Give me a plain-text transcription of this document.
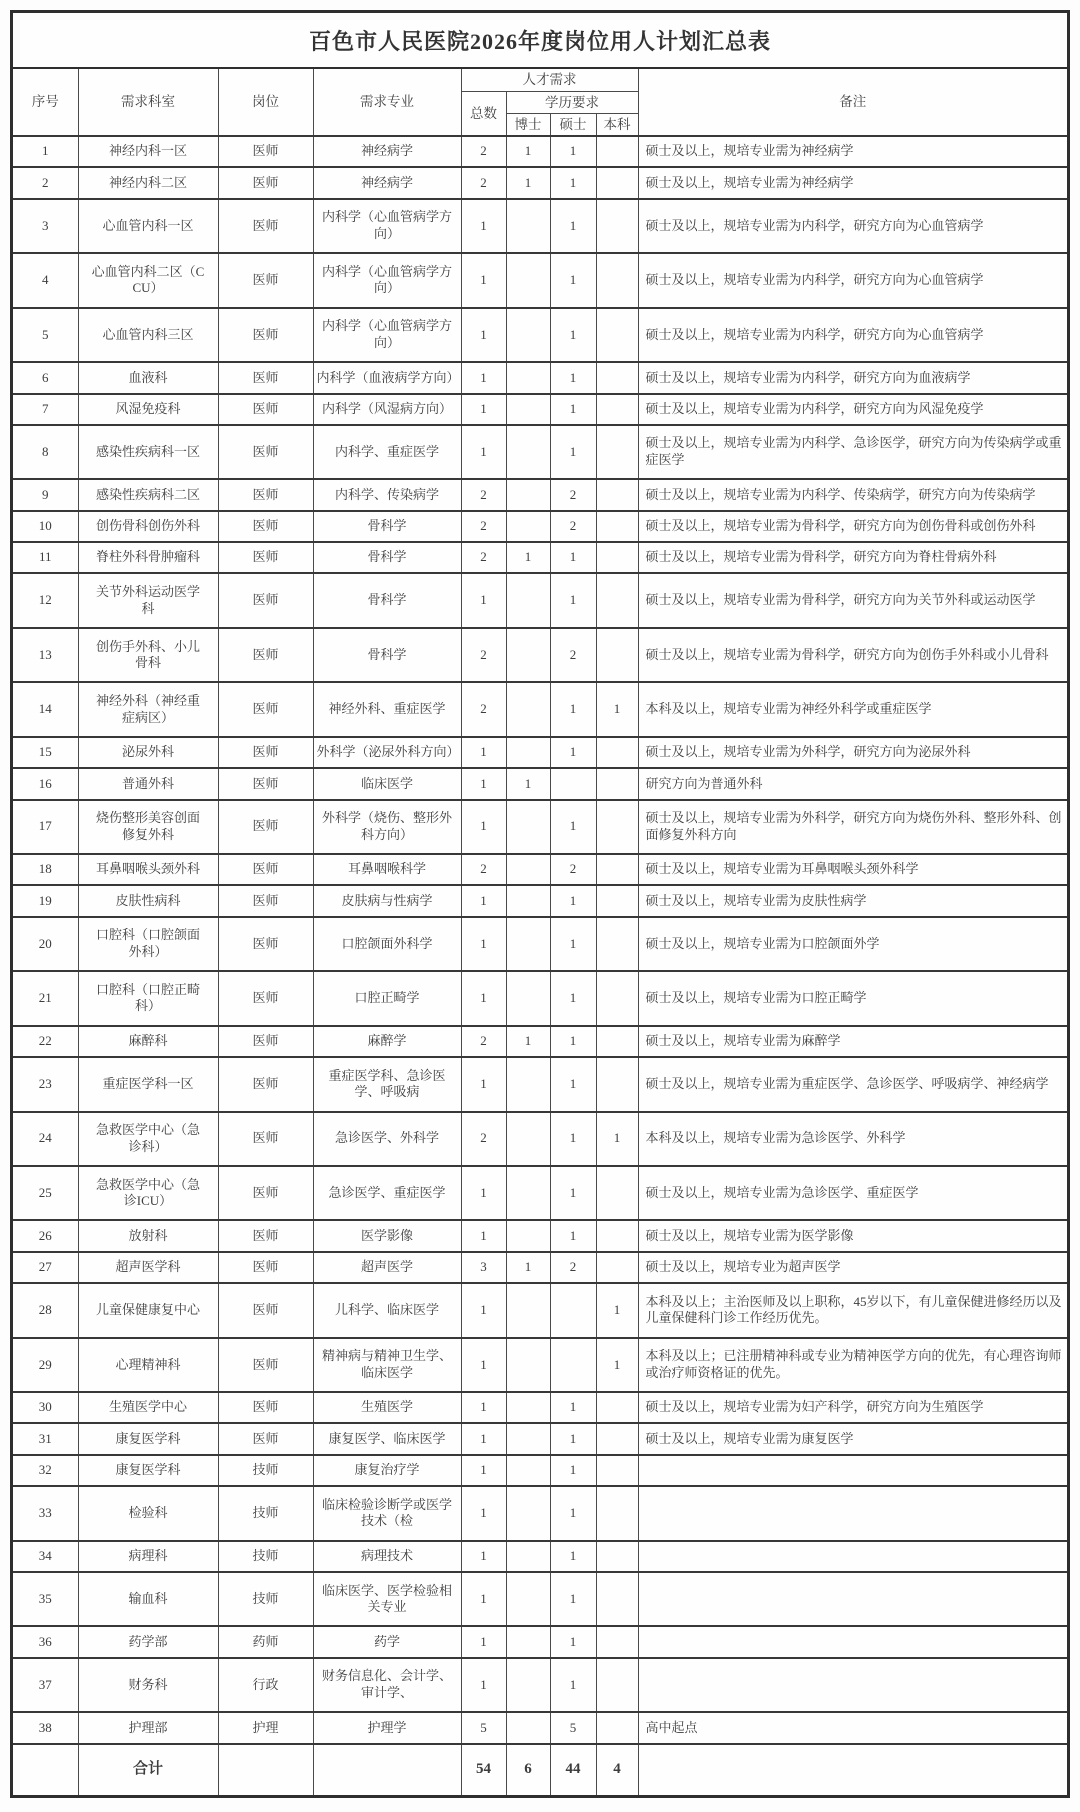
百色市人民医院2026年度岗位用人计划汇总表
序号	需求科室	岗位	需求专业	人才需求				备注
				总数	学历要求			
					博士	硕士	本科	
1	神经内科一区	医师	神经病学	2	1	1		硕士及以上，规培专业需为神经病学
2	神经内科二区	医师	神经病学	2	1	1		硕士及以上，规培专业需为神经病学
3	心血管内科一区	医师	内科学（心血管病学方向）	1		1		硕士及以上，规培专业需为内科学，研究方向为心血管病学
4	心血管内科二区（CCU）	医师	内科学（心血管病学方向）	1		1		硕士及以上，规培专业需为内科学，研究方向为心血管病学
5	心血管内科三区	医师	内科学（心血管病学方向）	1		1		硕士及以上，规培专业需为内科学，研究方向为心血管病学
6	血液科	医师	内科学（血液病学方向）	1		1		硕士及以上，规培专业需为内科学，研究方向为血液病学
7	风湿免疫科	医师	内科学（风湿病方向）	1		1		硕士及以上，规培专业需为内科学，研究方向为风湿免疫学
8	感染性疾病科一区	医师	内科学、重症医学	1		1		硕士及以上，规培专业需为内科学、急诊医学，研究方向为传染病学或重症医学
9	感染性疾病科二区	医师	内科学、传染病学	2		2		硕士及以上，规培专业需为内科学、传染病学，研究方向为传染病学
10	创伤骨科创伤外科	医师	骨科学	2		2		硕士及以上，规培专业需为骨科学，研究方向为创伤骨科或创伤外科
11	脊柱外科骨肿瘤科	医师	骨科学	2	1	1		硕士及以上，规培专业需为骨科学，研究方向为脊柱骨病外科
12	关节外科运动医学科	医师	骨科学	1		1		硕士及以上，规培专业需为骨科学，研究方向为关节外科或运动医学
13	创伤手外科、小儿骨科	医师	骨科学	2		2		硕士及以上，规培专业需为骨科学，研究方向为创伤手外科或小儿骨科
14	神经外科（神经重症病区）	医师	神经外科、重症医学	2		1	1	本科及以上，规培专业需为神经外科学或重症医学
15	泌尿外科	医师	外科学（泌尿外科方向）	1		1		硕士及以上，规培专业需为外科学，研究方向为泌尿外科
16	普通外科	医师	临床医学	1	1			研究方向为普通外科
17	烧伤整形美容创面修复外科	医师	外科学（烧伤、整形外科方向）	1		1		硕士及以上，规培专业需为外科学，研究方向为烧伤外科、整形外科、创面修复外科方向
18	耳鼻咽喉头颈外科	医师	耳鼻咽喉科学	2		2		硕士及以上，规培专业需为耳鼻咽喉头颈外科学
19	皮肤性病科	医师	皮肤病与性病学	1		1		硕士及以上，规培专业需为皮肤性病学
20	口腔科（口腔颌面外科）	医师	口腔颌面外科学	1		1		硕士及以上，规培专业需为口腔颌面外学
21	口腔科（口腔正畸科）	医师	口腔正畸学	1		1		硕士及以上，规培专业需为口腔正畸学
22	麻醉科	医师	麻醉学	2	1	1		硕士及以上，规培专业需为麻醉学
23	重症医学科一区	医师	重症医学科、急诊医学、呼吸病	1		1		硕士及以上，规培专业需为重症医学、急诊医学、呼吸病学、神经病学
24	急救医学中心（急诊科）	医师	急诊医学、外科学	2		1	1	本科及以上，规培专业需为急诊医学、外科学
25	急救医学中心（急诊ICU）	医师	急诊医学、重症医学	1		1		硕士及以上，规培专业需为急诊医学、重症医学
26	放射科	医师	医学影像	1		1		硕士及以上，规培专业需为医学影像
27	超声医学科	医师	超声医学	3	1	2		硕士及以上，规培专业为超声医学
28	儿童保健康复中心	医师	儿科学、临床医学	1			1	本科及以上；主治医师及以上职称，45岁以下，有儿童保健进修经历以及儿童保健科门诊工作经历优先。
29	心理精神科	医师	精神病与精神卫生学、临床医学	1			1	本科及以上；已注册精神科或专业为精神医学方向的优先，有心理咨询师或治疗师资格证的优先。
30	生殖医学中心	医师	生殖医学	1		1		硕士及以上，规培专业需为妇产科学，研究方向为生殖医学
31	康复医学科	医师	康复医学、临床医学	1		1		硕士及以上，规培专业需为康复医学
32	康复医学科	技师	康复治疗学	1		1		
33	检验科	技师	临床检验诊断学或医学技术（检	1		1		
34	病理科	技师	病理技术	1		1		
35	输血科	技师	临床医学、医学检验相关专业	1		1		
36	药学部	药师	药学	1		1		
37	财务科	行政	财务信息化、会计学、审计学、	1		1		
38	护理部	护理	护理学	5		5		高中起点
	合计			54	6	44	4	
